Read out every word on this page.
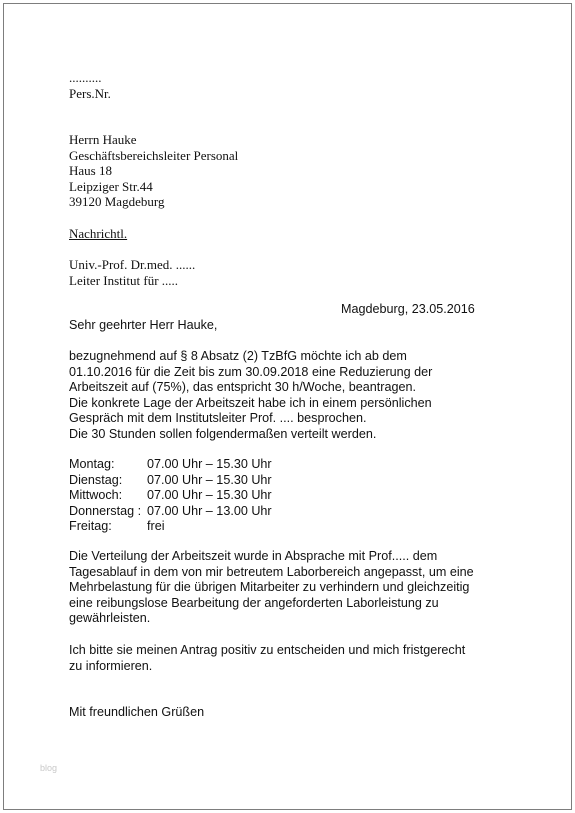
..........
Pers.Nr.
Herrn Hauke
Geschäftsbereichsleiter Personal
Haus 18
Leipziger Str.44
39120 Magdeburg
Nachrichtl.
Univ.-Prof. Dr.med. ......
Leiter Institut für .....
Magdeburg, 23.05.2016
Sehr geehrter Herr Hauke,
bezugnehmend auf § 8 Absatz (2) TzBfG möchte ich ab dem
01.10.2016 für die Zeit bis zum 30.09.2018 eine Reduzierung der
Arbeitszeit auf (75%), das entspricht 30 h/Woche, beantragen.
Die konkrete Lage der Arbeitszeit habe ich in einem persönlichen
Gespräch mit dem Institutsleiter Prof. .... besprochen.
Die 30 Stunden sollen folgendermaßen verteilt werden.
Montag:	07.00 Uhr – 15.30 Uhr
Dienstag: 07.00 Uhr – 15.30 Uhr
Mittwoch: 07.00 Uhr – 15.30 Uhr
Donnerstag : 07.00 Uhr – 13.00 Uhr
Freitag:	frei
Die Verteilung der Arbeitszeit wurde in Absprache mit Prof..... dem
Tagesablauf in dem von mir betreutem Laborbereich angepasst, um eine
Mehrbelastung für die übrigen Mitarbeiter zu verhindern und gleichzeitig
eine reibungslose Bearbeitung der angeforderten Laborleistung zu
gewährleisten.
Ich bitte sie meinen Antrag positiv zu entscheiden und mich fristgerecht
zu informieren.
Mit freundlichen Grüßen
blog
